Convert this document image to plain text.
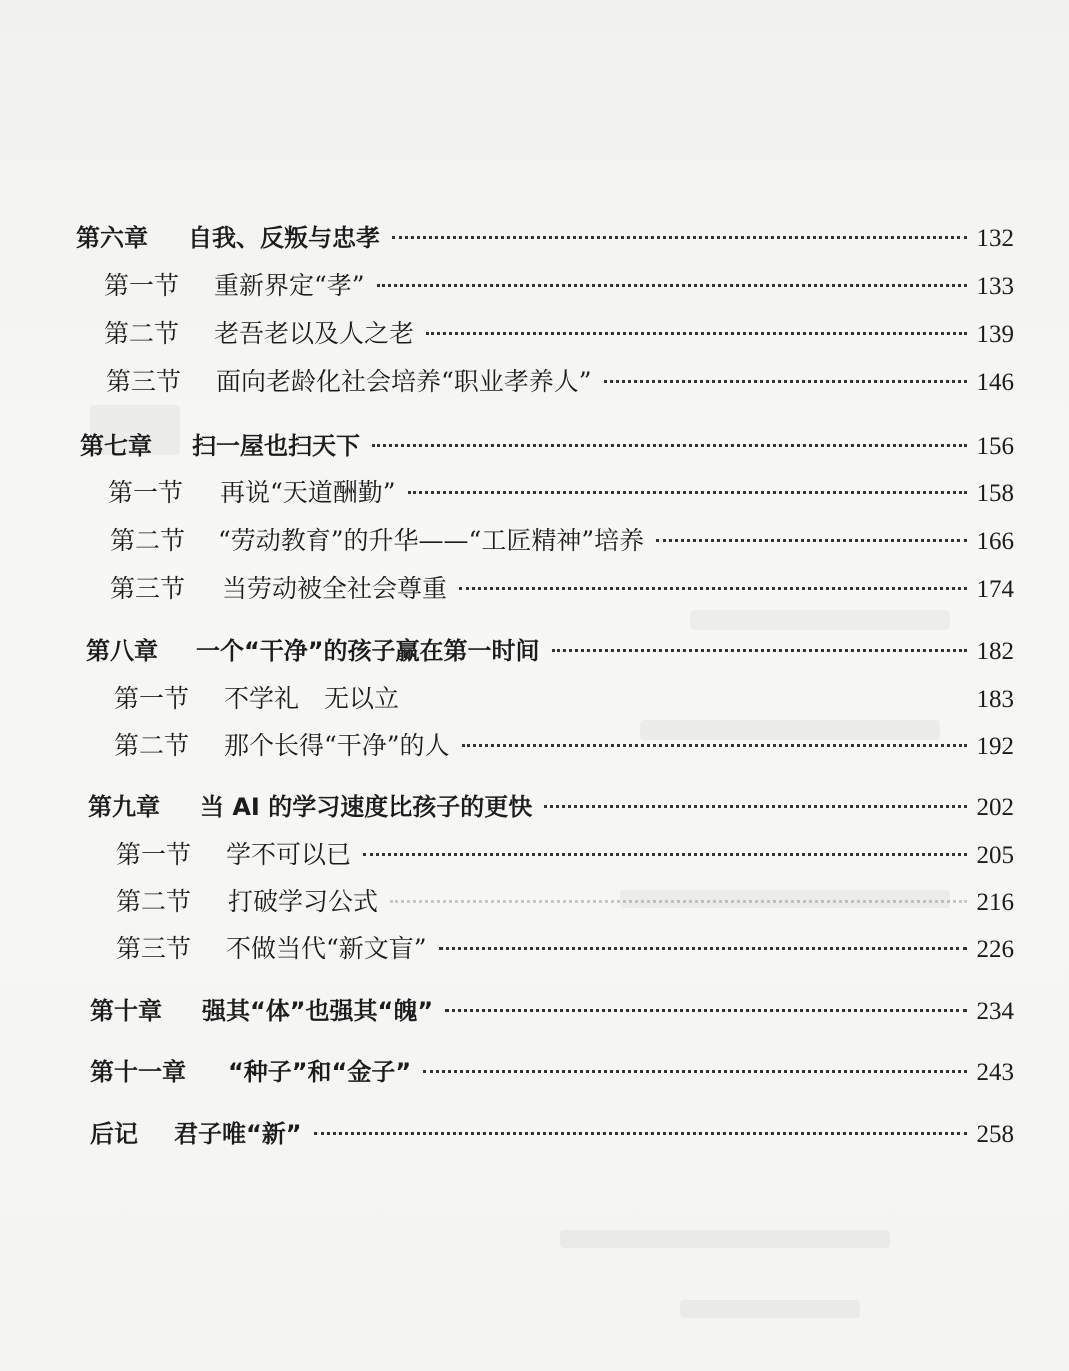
第六章	自我、反叛与忠孝	132
第一节	重新界定“孝”	133
第二节	老吾老以及人之老	139
第三节	面向老龄化社会培养“职业孝养人”	146
第七章	扫一屋也扫天下	156
第一节	再说“天道酬勤”	158
第二节	“劳动教育”的升华——“工匠精神”培养	166
第三节	当劳动被全社会尊重	174
第八章	一个“干净”的孩子赢在第一时间	182
第一节	不学礼　无以立	183
第二节	那个长得“干净”的人	192
第九章	当 AI 的学习速度比孩子的更快	202
第一节	学不可以已	205
第二节	打破学习公式	216
第三节	不做当代“新文盲”	226
第十章	强其“体”也强其“魄”	234
第十一章	“种子”和“金子”	243
后记	君子唯“新”	258
